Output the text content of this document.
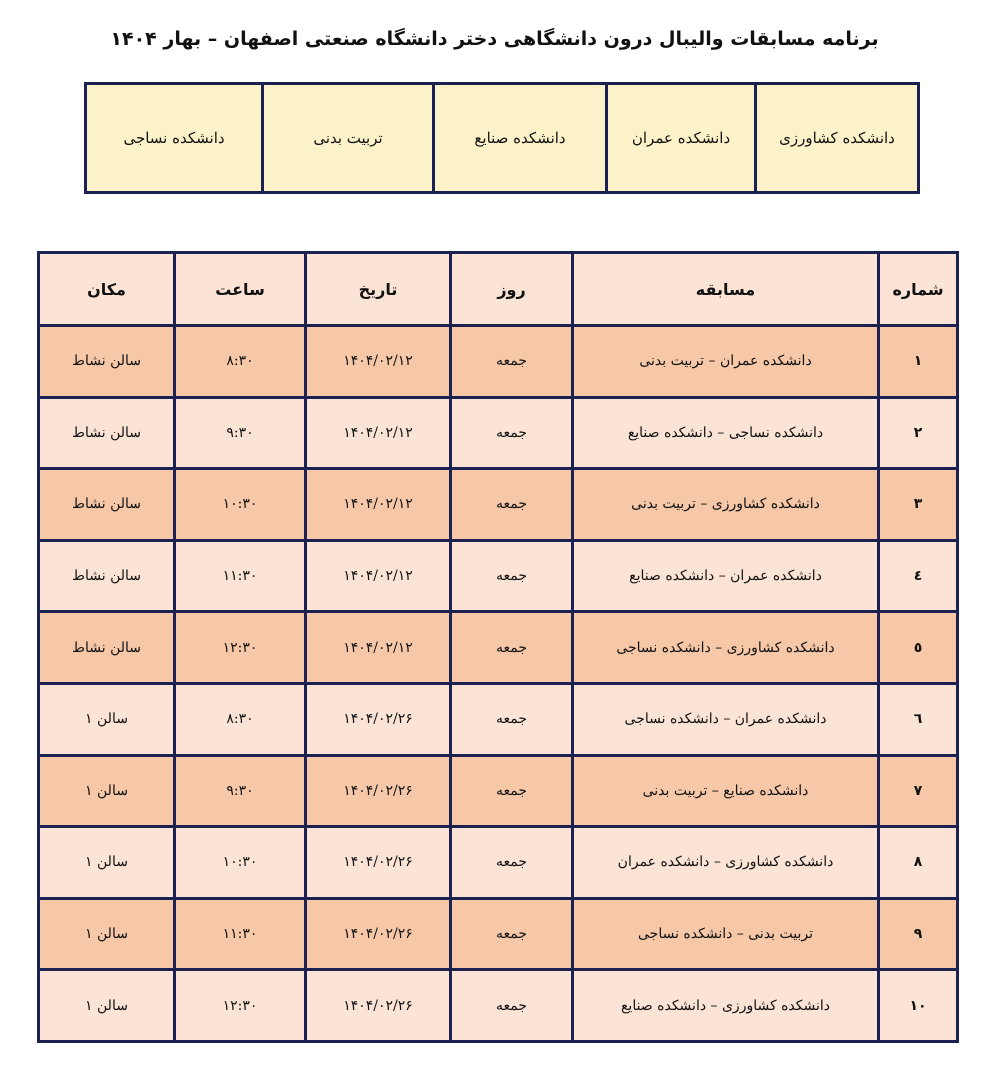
برنامه مسابقات والیبال درون دانشگاهی دختر دانشگاه صنعتی اصفهان – بهار ۱۴۰۴
دانشکده کشاورزی	دانشکده عمران	دانشکده صنایع	تربیت بدنی	دانشکده نساجی
شماره	مسابقه	روز	تاریخ	ساعت	مکان
۱	دانشکده عمران – تربیت بدنی	جمعه	۱۴۰۴/۰۲/۱۲	۸:۳۰	سالن نشاط
۲	دانشکده نساجی – دانشکده صنایع	جمعه	۱۴۰۴/۰۲/۱۲	۹:۳۰	سالن نشاط
۳	دانشکده کشاورزی – تربیت بدنی	جمعه	۱۴۰۴/۰۲/۱۲	۱۰:۳۰	سالن نشاط
٤	دانشکده عمران – دانشکده صنایع	جمعه	۱۴۰۴/۰۲/۱۲	۱۱:۳۰	سالن نشاط
٥	دانشکده کشاورزی – دانشکده نساجی	جمعه	۱۴۰۴/۰۲/۱۲	۱۲:۳۰	سالن نشاط
٦	دانشکده عمران – دانشکده نساجی	جمعه	۱۴۰۴/۰۲/۲۶	۸:۳۰	سالن ۱
۷	دانشکده صنایع – تربیت بدنی	جمعه	۱۴۰۴/۰۲/۲۶	۹:۳۰	سالن ۱
۸	دانشکده کشاورزی – دانشکده عمران	جمعه	۱۴۰۴/۰۲/۲۶	۱۰:۳۰	سالن ۱
۹	تربیت بدنی – دانشکده نساجی	جمعه	۱۴۰۴/۰۲/۲۶	۱۱:۳۰	سالن ۱
۱۰	دانشکده کشاورزی – دانشکده صنایع	جمعه	۱۴۰۴/۰۲/۲۶	۱۲:۳۰	سالن ۱
